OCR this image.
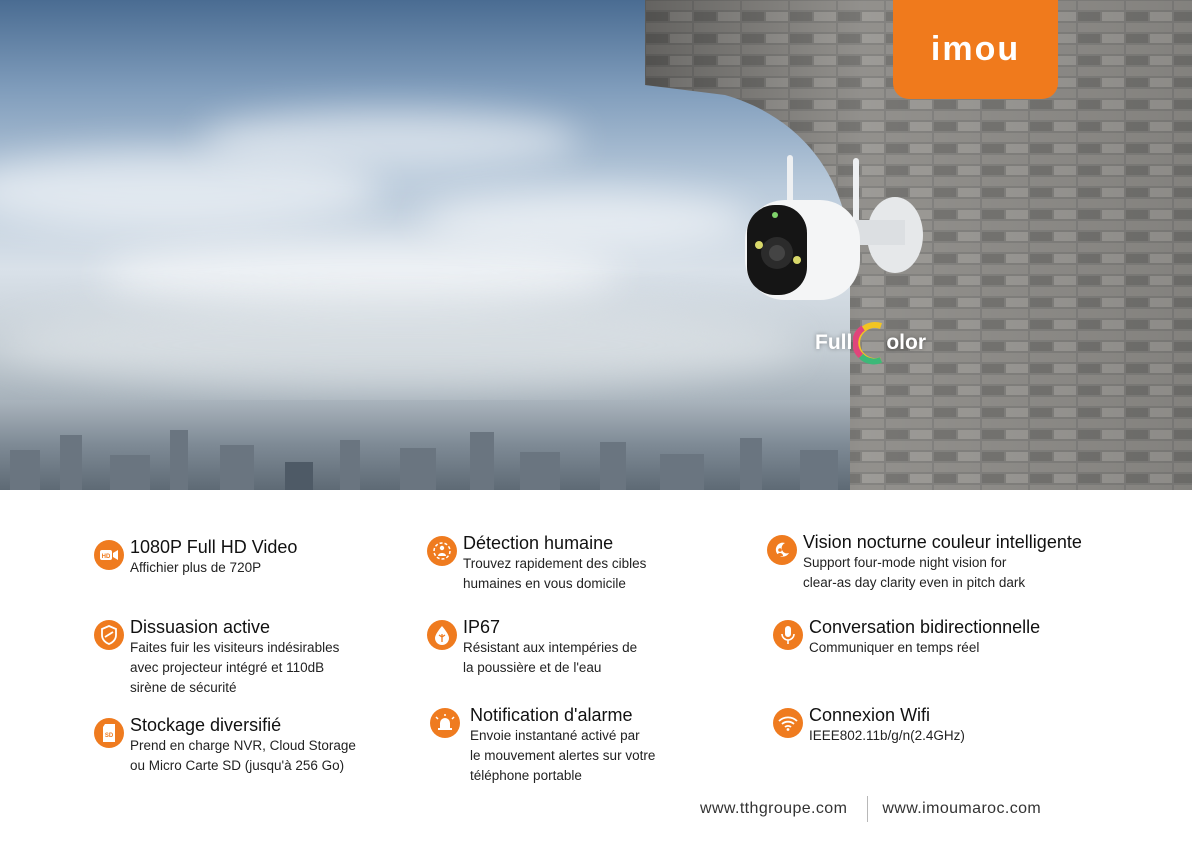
Full olor
imou
HD 1080P Full HD Video
Affichier plus de 720P
Détection humaine
Trouvez rapidement des cibles
humaines en vous domicile
Vision nocturne couleur intelligente
Support four-mode night vision for
clear-as day clarity even in pitch dark
Dissuasion active
Faites fuir les visiteurs indésirables
avec projecteur intégré et 110dB
sirène de sécurité
IP67
Résistant aux intempéries de
la poussière et de l'eau
Conversation bidirectionnelle
Communiquer en temps réel
SD
Stockage diversifié
Prend en charge NVR, Cloud Storage
ou Micro Carte SD (jusqu'à 256 Go)
Notification d'alarme
Envoie instantané activé par
le mouvement alertes sur votre
téléphone portable
Connexion Wifi
IEEE802.11b/g/n(2.4GHz)
www.tthgroupe.com www.imoumaroc.com
